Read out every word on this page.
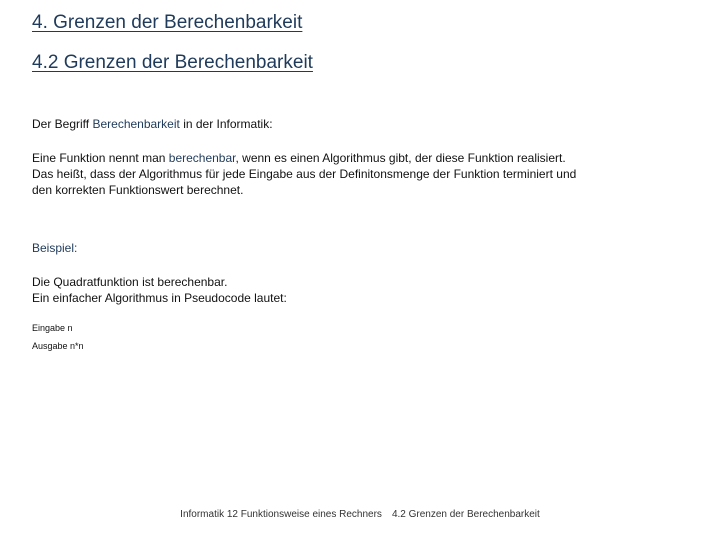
4. Grenzen der Berechenbarkeit
4.2 Grenzen der Berechenbarkeit
Der Begriff Berechenbarkeit in der Informatik:
Eine Funktion nennt man berechenbar, wenn es einen Algorithmus gibt, der diese Funktion realisiert.
Das heißt, dass der Algorithmus für jede Eingabe aus der Definitonsmenge der Funktion terminiert und
den korrekten Funktionswert berechnet.
Beispiel:
Die Quadratfunktion ist berechenbar.
Ein einfacher Algorithmus in Pseudocode lautet:
Eingabe n
Ausgabe n*n
Informatik 12 Funktionsweise eines Rechners 4.2 Grenzen der Berechenbarkeit
